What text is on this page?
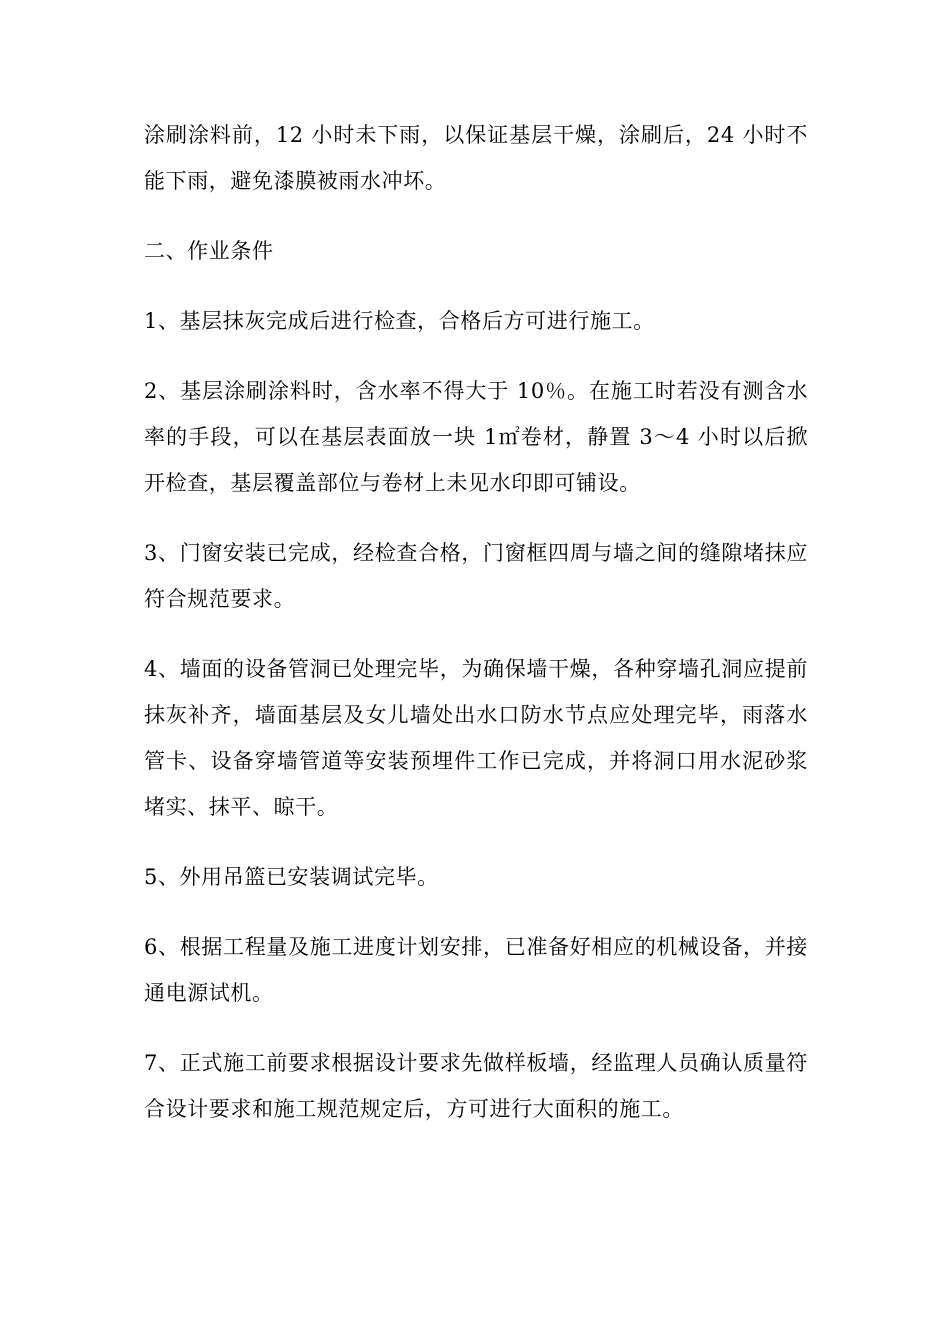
涂刷涂料前，12 小时未下雨，以保证基层干燥，涂刷后，24 小时不能下雨，避免漆膜被雨水冲坏。

二、作业条件

1、基层抹灰完成后进行检查，合格后方可进行施工。

2、基层涂刷涂料时，含水率不得大于 10％。在施工时若没有测含水率的手段，可以在基层表面放一块 1㎡卷材，静置 3～4 小时以后掀开检查，基层覆盖部位与卷材上未见水印即可铺设。

3、门窗安装已完成，经检查合格，门窗框四周与墙之间的缝隙堵抹应符合规范要求。

4、墙面的设备管洞已处理完毕，为确保墙干燥，各种穿墙孔洞应提前抹灰补齐，墙面基层及女儿墙处出水口防水节点应处理完毕，雨落水管卡、设备穿墙管道等安装预埋件工作已完成，并将洞口用水泥砂浆堵实、抹平、晾干。

5、外用吊篮已安装调试完毕。

6、根据工程量及施工进度计划安排，已准备好相应的机械设备，并接通电源试机。

7、正式施工前要求根据设计要求先做样板墙，经监理人员确认质量符合设计要求和施工规范规定后，方可进行大面积的施工。
